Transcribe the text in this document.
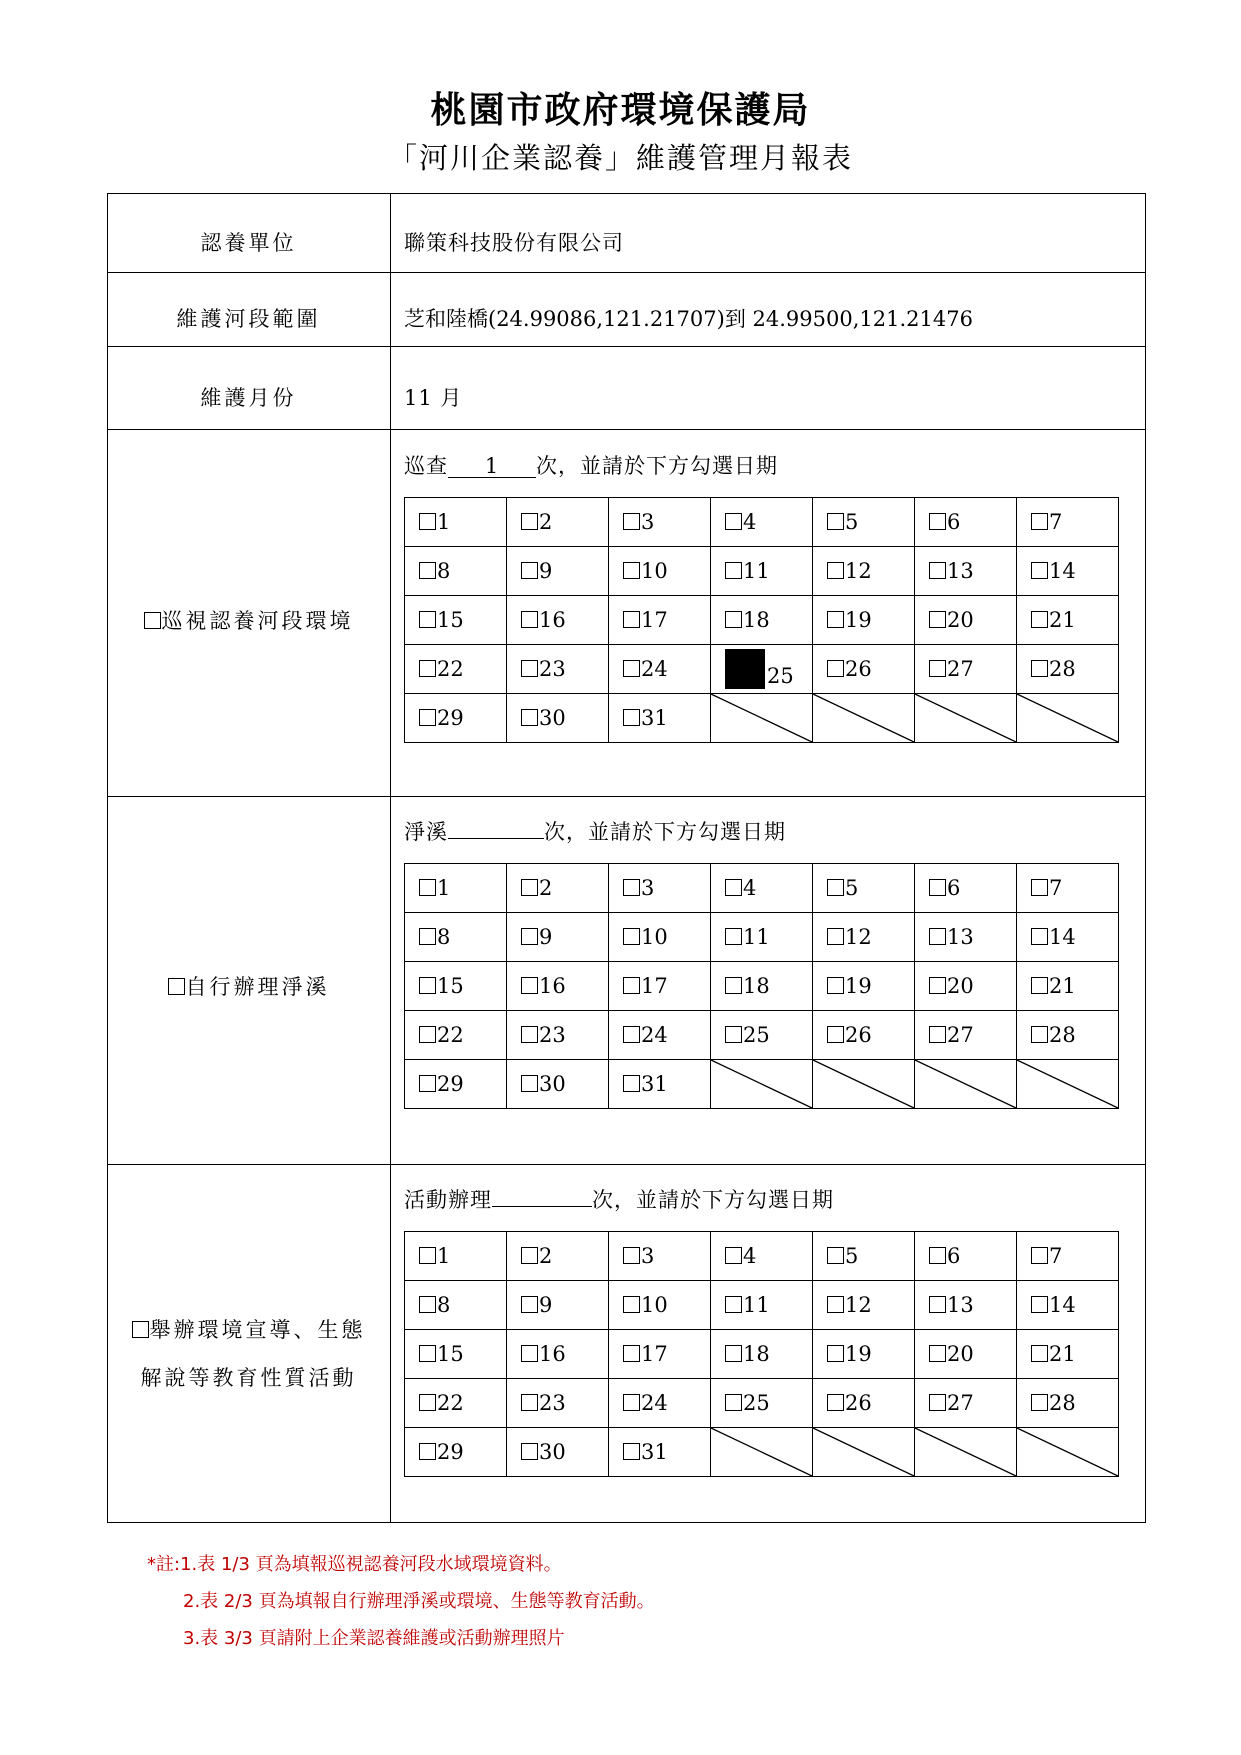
桃園市政府環境保護局
「河川企業認養」維護管理月報表
認養單位	聯策科技股份有限公司
維護河段範圍	芝和陸橋(24.99086,121.21707)到 24.99500,121.21476
維護月份	11 月
巡視認養河段環境
巡查 1 次，並請於下方勾選日期
1	2	3	4	5	6	7
8	9	10	11	12	13	14
15	16	17	18	19	20	21
22	23	24	25	26	27	28
29	30	31	

自行辦理淨溪
淨溪	次，並請於下方勾選日期
1	2	3	4	5	6	7
8	9	10	11	12	13	14
15	16	17	18	19	20	21
22	23	24	25	26	27	28
29	30	31	

舉辦環境宣導、生態
解說等教育性質活動
活動辦理	次，並請於下方勾選日期
1	2	3	4	5	6	7
8	9	10	11	12	13	14
15	16	17	18	19	20	21
22	23	24	25	26	27	28
29	30	31	

*註:1.表 1/3 頁為填報巡視認養河段水域環境資料。
2.表 2/3 頁為填報自行辦理淨溪或環境、生態等教育活動。
3.表 3/3 頁請附上企業認養維護或活動辦理照片
